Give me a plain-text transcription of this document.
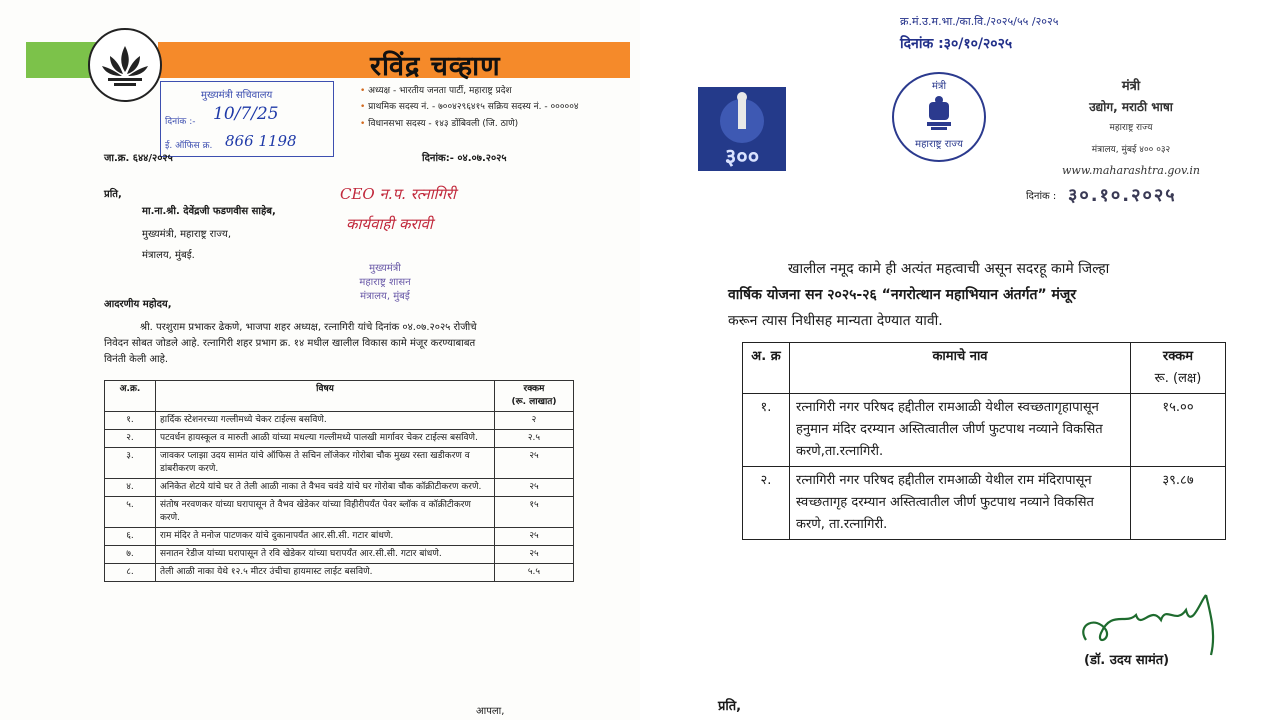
रविंद्र चव्हाण
• अध्यक्ष - भारतीय जनता पार्टी, महाराष्ट्र प्रदेश
• प्राथमिक सदस्य नं. - ७००४२९६४१५ सक्रिय सदस्य नं. - ०००००४
• विधानसभा सदस्य - १४३ डोंबिवली (जि. ठाणे)
मुख्यमंत्री सचिवालय
दिनांक :- 10/7/25
ई. ऑफिस क्र. 866 1198
जा.क्र. ६४४/२०२५	दिनांक:- ०४.०७.२०२५
प्रति,
मा.ना.श्री. देवेंद्रजी फडणवीस साहेब,
मुख्यमंत्री, महाराष्ट्र राज्य,
मंत्रालय, मुंबई.
CEO न.प. रत्नागिरी
कार्यवाही करावी
मुख्यमंत्री
महाराष्ट्र शासन
मंत्रालय, मुंबई
आदरणीय महोदय,
श्री. परशुराम प्रभाकर ढेकणे, भाजपा शहर अध्यक्ष, रत्नागिरी यांचे दिनांक ०४.०७.२०२५ रोजीचे
निवेदन सोबत जोडले आहे. रत्नागिरी शहर प्रभाग क्र. १४ मधील खालील विकास कामे मंजूर करण्याबाबत
विनंती केली आहे.
अ.क्र.	विषय	रक्कम
(रू. लाखात)

१.	हार्दिक स्टेशनरच्या गल्लीमध्ये चेकर टाईल्स बसविणे.	२
२.	पटवर्धन हायस्कूल व मारुती आळी यांच्या मधल्या गल्लीमध्ये पालखी मार्गावर चेकर टाईल्स बसविणे.	२.५
३.	जावकर प्लाझा उदय सामंत यांचे ऑफिस ते सचिन लॉजेकर गोरोबा चौक मुख्य रस्ता खडीकरण व डांबरीकरण करणे.	२५
४.	अनिकेत शेटये यांचे घर ते तेली आळी नाका ते वैभव चवंडे यांचे घर गोरोबा चौक कॉक्रीटीकरण करणे.	२५
५.	संतोष नरवणकर यांच्या घरापासून ते वैभव खेडेकर यांच्या विहीरीपर्यंत पेवर ब्लॉक व कॉक्रीटीकरण करणे.	१५
६.	राम मंदिर ते मनोज पाटणकर यांचे दुकानापर्यंत आर.सी.सी. गटार बांधणे.	२५
७.	सनातन रेडीज यांच्या घरापासून ते रवि खेडेकर यांच्या घरापर्यंत आर.सी.सी. गटार बांधणे.	२५
८.	तेली आळी नाका येथे १२.५ मीटर उंचीचा हायमास्ट लाईट बसविणे.	५.५
आपला,
क्र.मं.उ.म.भा./का.वि./२०२५/५५ /२०२५
दिनांक :३०/१०/२०२५
३००
मंत्री
महाराष्ट्र राज्य
मंत्री
उद्योग, मराठी भाषा
महाराष्ट्र राज्य
मंत्रालय, मुंबई ४०० ०३२
www.maharashtra.gov.in
दिनांक : ३०.१०.२०२५
खालील नमूद कामे ही अत्यंत महत्वाची असून सदरहू कामे जिल्हा
वार्षिक योजना सन २०२५-२६ “नगरोत्थान महाभियान अंतर्गत” मंजूर
करून त्यास निधीसह मान्यता देण्यात यावी.
अ. क्र	कामाचे नाव	रक्कम
रू. (लक्ष)

१.	रत्नागिरी नगर परिषद हद्दीतील रामआळी येथील स्वच्छतागृहापासून हनुमान मंदिर दरम्यान अस्तित्वातील जीर्ण फुटपाथ नव्याने विकसित करणे,ता.रत्नागिरी.	१५.००
२.	रत्नागिरी नगर परिषद हद्दीतील रामआळी येथील राम मंदिरापासून स्वच्छतागृह दरम्यान अस्तित्वातील जीर्ण फुटपाथ नव्याने विकसित करणे, ता.रत्नागिरी.	३९.८७
(डॉ. उदय सामंत)
प्रति,
